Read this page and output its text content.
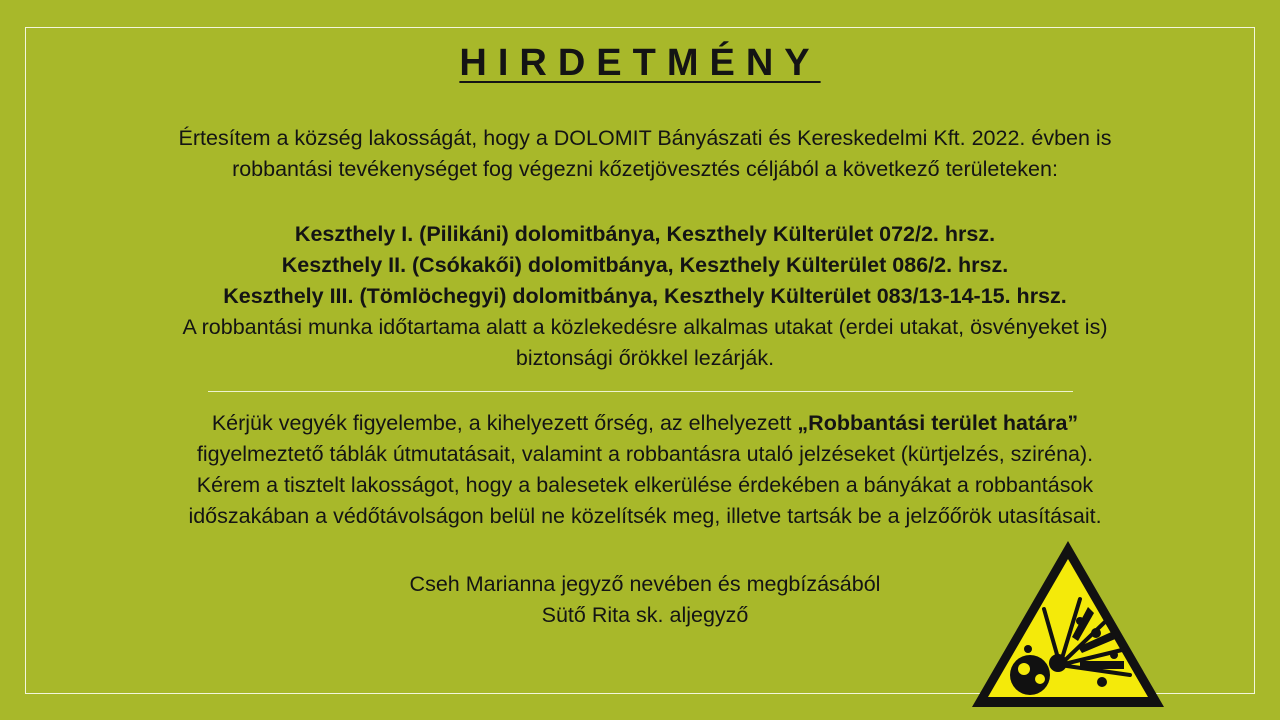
HIRDETMÉNY
Értesítem a község lakosságát, hogy a DOLOMIT Bányászati és Kereskedelmi Kft. 2022. évben is
robbantási tevékenységet fog végezni kőzetjövesztés céljából a következő területeken:
Keszthely I. (Pilikáni) dolomitbánya, Keszthely Külterület 072/2. hrsz.
Keszthely II. (Csókakői) dolomitbánya, Keszthely Külterület 086/2. hrsz.
Keszthely III. (Tömlöchegyi) dolomitbánya, Keszthely Külterület 083/13-14-15. hrsz.
A robbantási munka időtartama alatt a közlekedésre alkalmas utakat (erdei utakat, ösvényeket is)
biztonsági őrökkel lezárják.
Kérjük vegyék figyelembe, a kihelyezett őrség, az elhelyezett „Robbantási terület határa”
figyelmeztető táblák útmutatásait, valamint a robbantásra utaló jelzéseket (kürtjelzés, sziréna).
Kérem a tisztelt lakosságot, hogy a balesetek elkerülése érdekében a bányákat a robbantások
időszakában a védőtávolságon belül ne közelítsék meg, illetve tartsák be a jelzőőrök utasításait.
Cseh Marianna jegyző nevében és megbízásából
Sütő Rita sk. aljegyző
